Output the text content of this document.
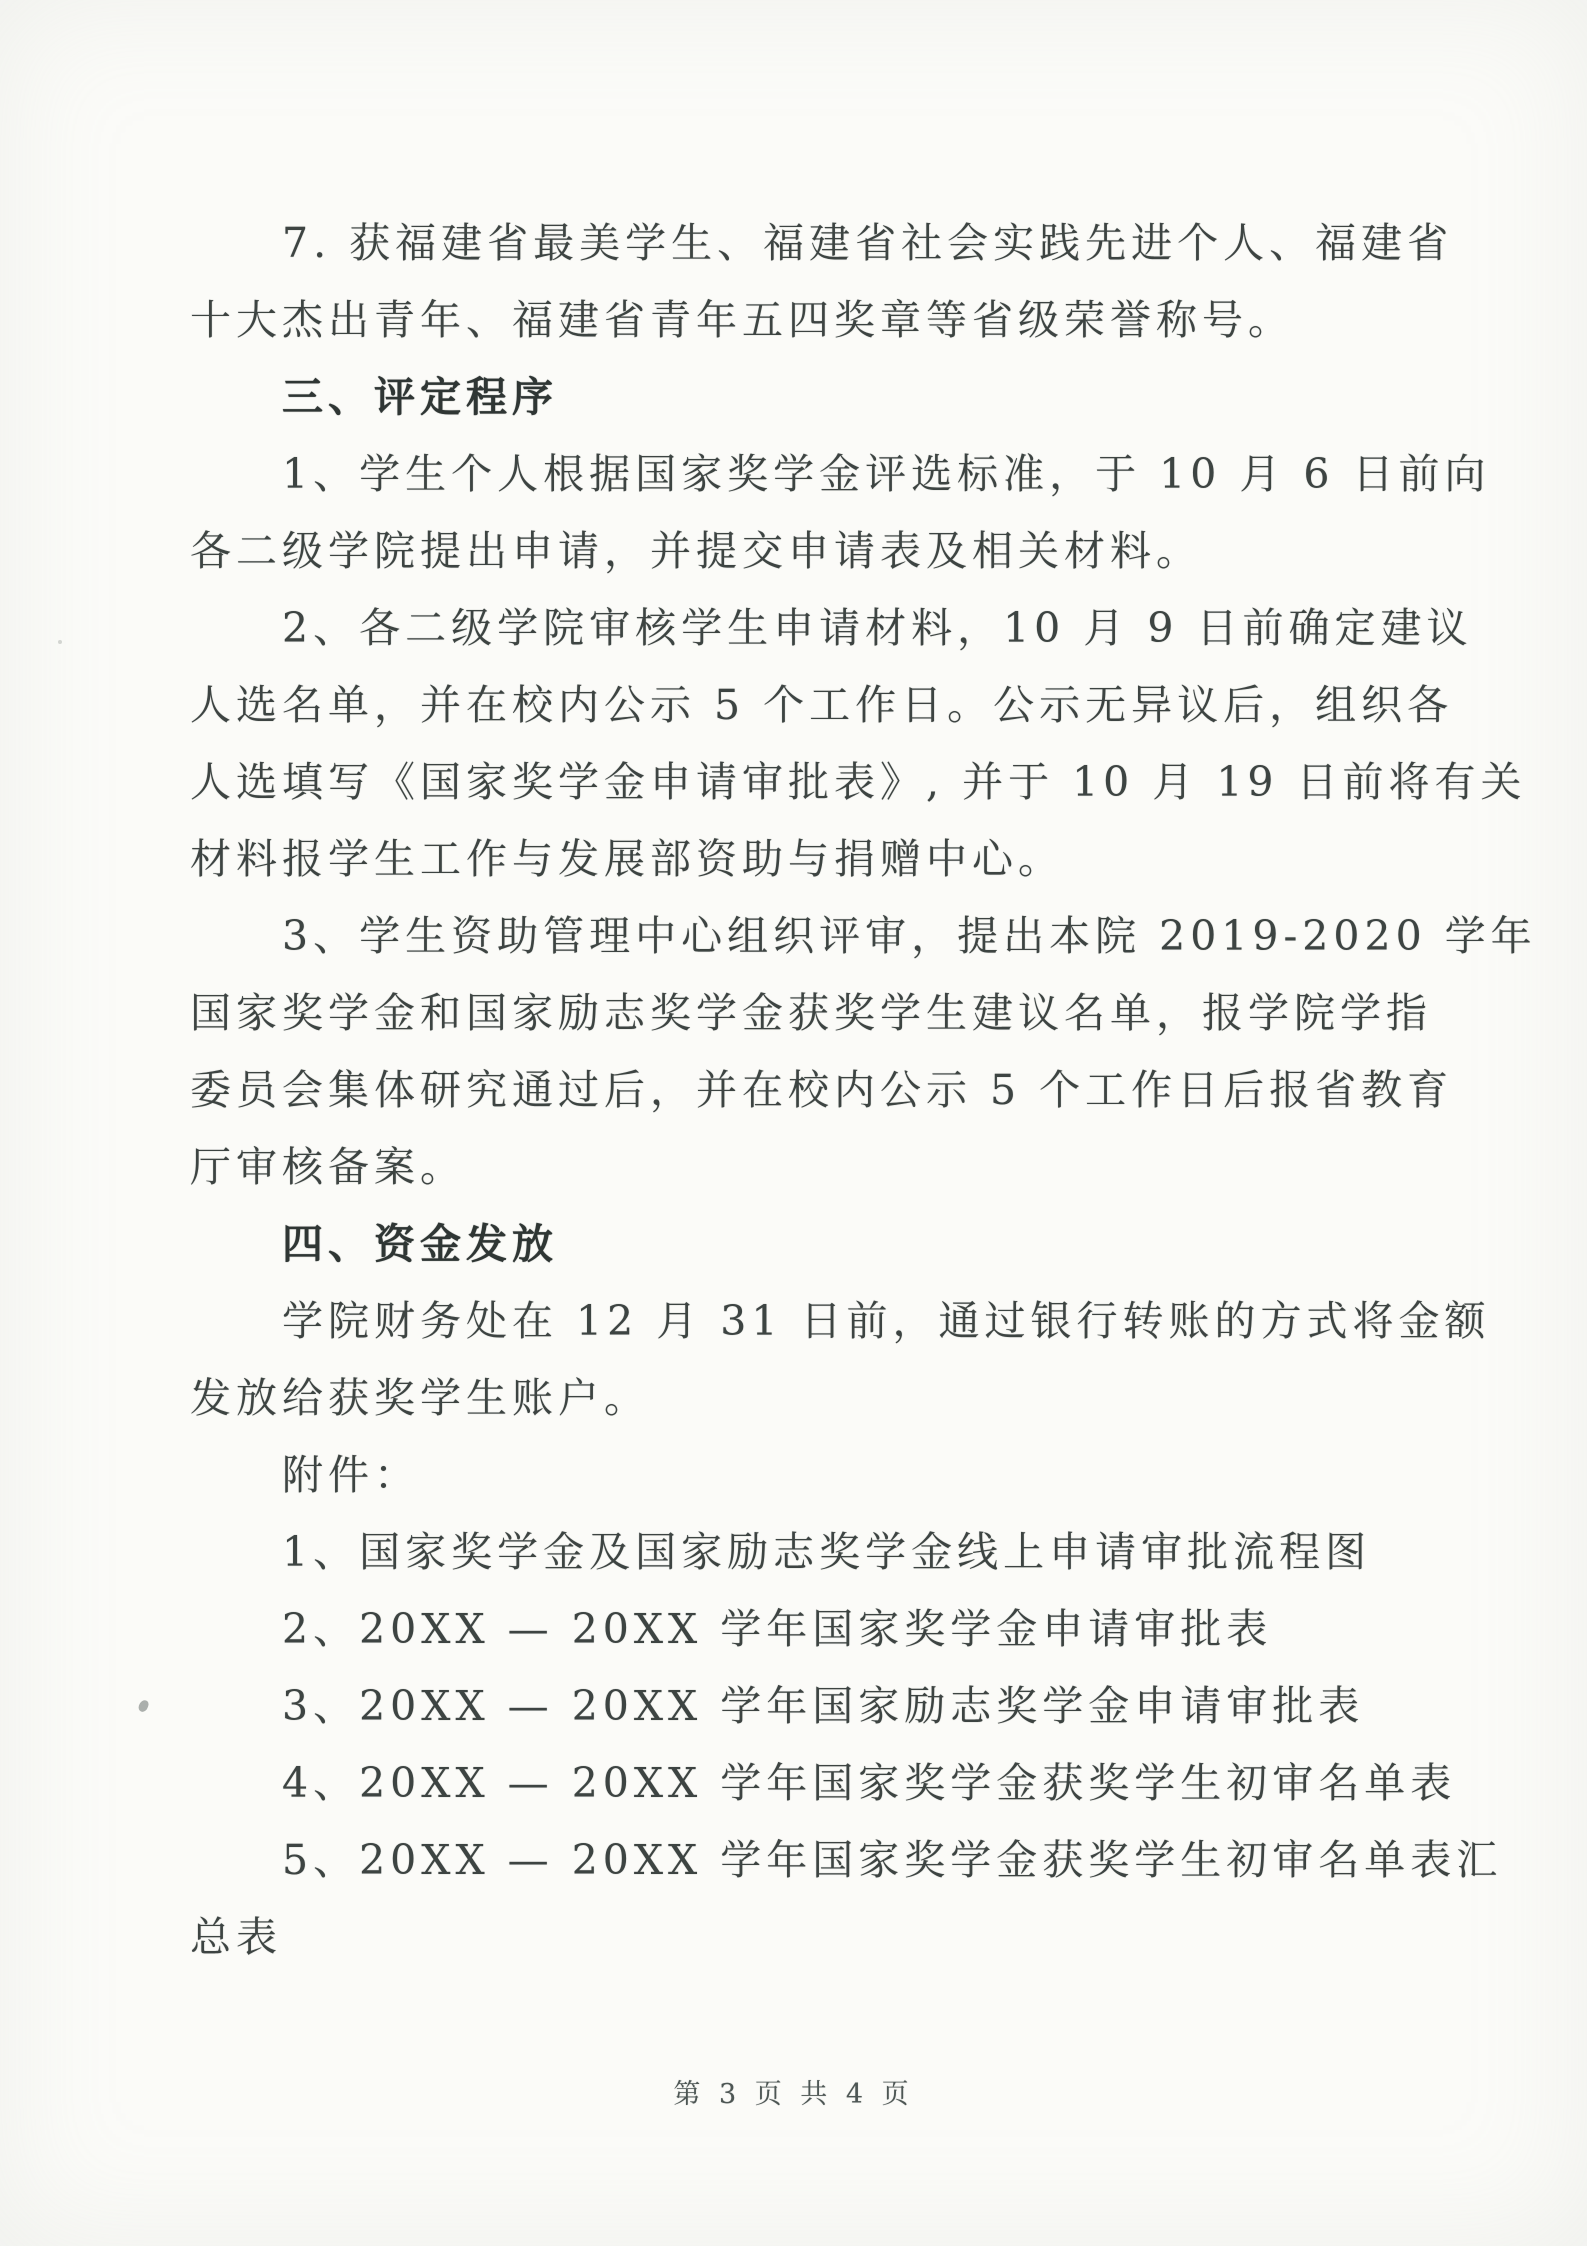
7. 获福建省最美学生、福建省社会实践先进个人、福建省
十大杰出青年、福建省青年五四奖章等省级荣誉称号。
三、评定程序
1、学生个人根据国家奖学金评选标准，于 10 月 6 日前向
各二级学院提出申请，并提交申请表及相关材料。
2、各二级学院审核学生申请材料，10 月 9 日前确定建议
人选名单，并在校内公示 5 个工作日。公示无异议后，组织各
人选填写《国家奖学金申请审批表》, 并于 10 月 19 日前将有关
材料报学生工作与发展部资助与捐赠中心。
3、学生资助管理中心组织评审，提出本院 2019-2020 学年
国家奖学金和国家励志奖学金获奖学生建议名单，报学院学指
委员会集体研究通过后，并在校内公示 5 个工作日后报省教育
厅审核备案。
四、资金发放
学院财务处在 12 月 31 日前，通过银行转账的方式将金额
发放给获奖学生账户。
附件：
1、国家奖学金及国家励志奖学金线上申请审批流程图
2、20XX — 20XX 学年国家奖学金申请审批表
3、20XX — 20XX 学年国家励志奖学金申请审批表
4、20XX — 20XX 学年国家奖学金获奖学生初审名单表
5、20XX — 20XX 学年国家奖学金获奖学生初审名单表汇
总表
第 3 页 共 4 页
